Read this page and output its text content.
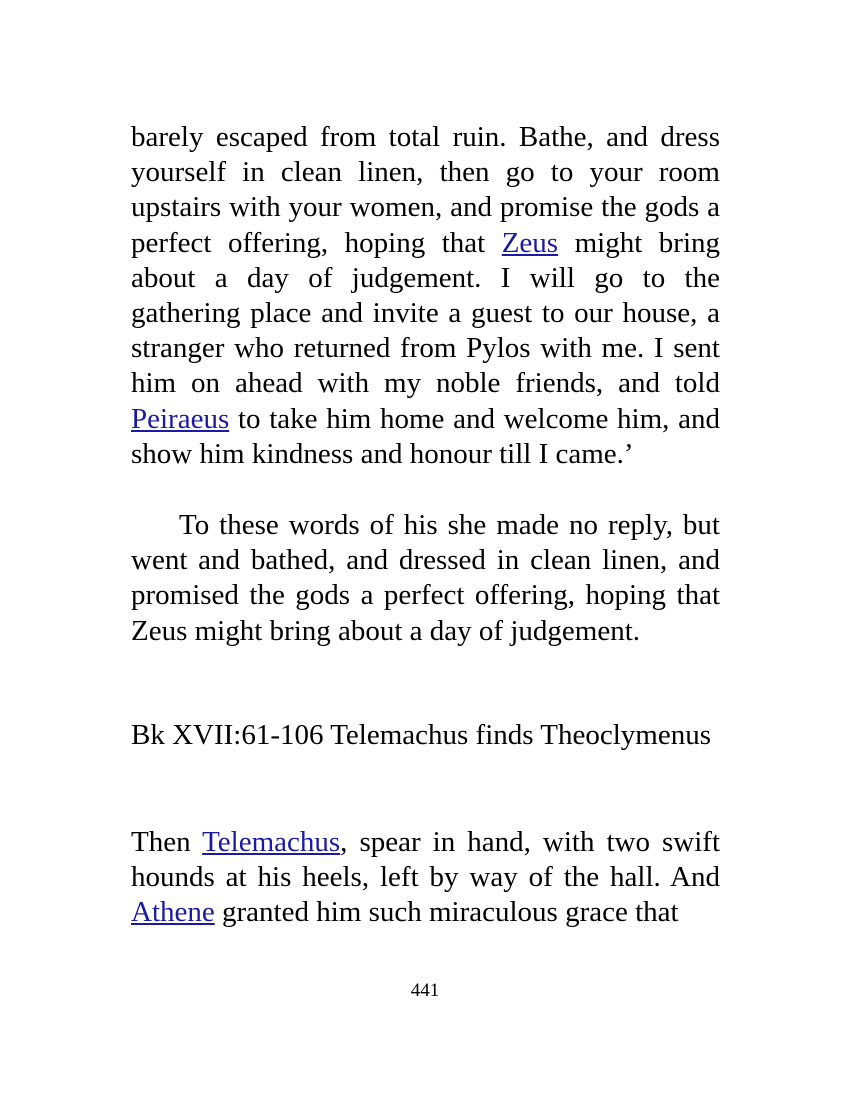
barely escaped from total ruin. Bathe, and dress yourself in clean linen, then go to your room upstairs with your women, and promise the gods a perfect offering, hoping that Zeus might bring about a day of judgement. I will go to the gathering place and invite a guest to our house, a stranger who returned from Pylos with me. I sent him on ahead with my noble friends, and told Peiraeus to take him home and welcome him, and show him kindness and honour till I came.’

To these words of his she made no reply, but went and bathed, and dressed in clean linen, and promised the gods a perfect offering, hoping that Zeus might bring about a day of judgement.

Bk XVII:61-106 Telemachus finds Theoclymenus

Then Telemachus, spear in hand, with two swift hounds at his heels, left by way of the hall. And Athene granted him such miraculous grace that

441
